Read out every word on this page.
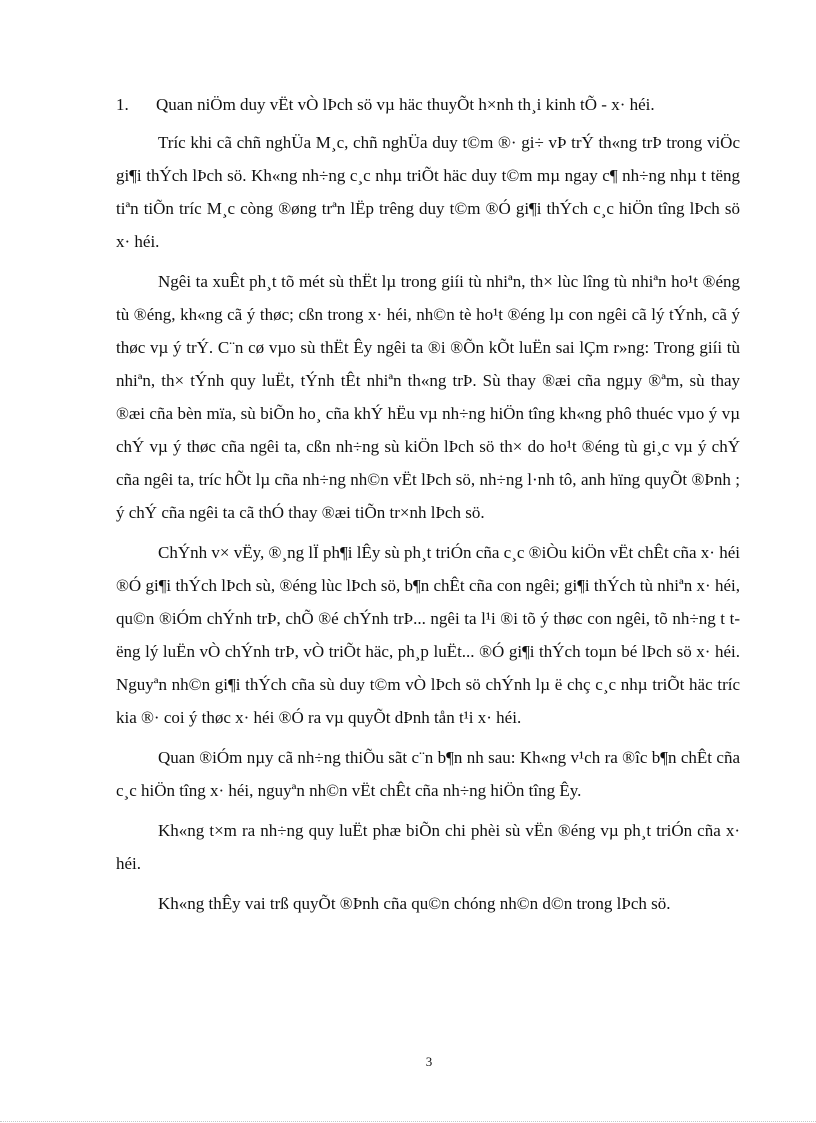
1. Quan niÖm duy vËt vÒ lÞch sö vµ häc thuyÕt h×nh th¸i kinh tÕ - x· héi.

Tríc khi cã chñ nghÜa M¸c, chñ nghÜa duy t©m ®· gi÷ vÞ trÝ th«ng trÞ trong viÖc gi¶i thÝch lÞch sö. Kh«ng nh÷ng c¸c nhµ triÕt häc duy t©m mµ ngay c¶ nh÷ng nhµ t tëng tiªn tiÕn tríc M¸c còng ®øng trªn lËp trêng duy t©m ®Ó gi¶i thÝch c¸c hiÖn tîng lÞch sö x· héi.

Ngêi ta xuÊt ph¸t tõ mét sù thËt lµ trong giíi tù nhiªn, th× lùc lîng tù nhiªn ho¹t ®éng tù ®éng, kh«ng cã ý thøc; cßn trong x· héi, nh©n tè ho¹t ®éng lµ con ngêi cã lý tÝnh, cã ý thøc vµ ý trÝ. C¨n cø vµo sù thËt Êy ngêi ta ®i ®Õn kÕt luËn sai lÇm r»ng: Trong giíi tù nhiªn, th× tÝnh quy luËt, tÝnh tÊt nhiªn th«ng trÞ. Sù thay ®æi cña ngµy ®ªm, sù thay ®æi cña bèn mïa, sù biÕn ho¸ cña khÝ hËu vµ nh÷ng hiÖn tîng kh«ng phô thuéc vµo ý vµ chÝ vµ ý thøc cña ngêi ta, cßn nh÷ng sù kiÖn lÞch sö th× do ho¹t ®éng tù gi¸c vµ ý chÝ cña ngêi ta, tríc hÕt lµ cña nh÷ng nh©n vËt lÞch sö, nh÷ng l·nh tô, anh hïng quyÕt ®Þnh ; ý chÝ cña ngêi ta cã thÓ thay ®æi tiÕn tr×nh lÞch sö.

ChÝnh v× vËy, ®¸ng lÏ ph¶i lÊy sù ph¸t triÓn cña c¸c ®iÒu kiÖn vËt chÊt cña x· héi ®Ó gi¶i thÝch lÞch sù, ®éng lùc lÞch sö, b¶n chÊt cña con ngêi; gi¶i thÝch tù nhiªn x· héi, qu©n ®iÓm chÝnh trÞ, chÕ ®é chÝnh trÞ... ngêi ta l¹i ®i tõ ý thøc con ngêi, tõ nh÷ng t tëng lý luËn vÒ chÝnh trÞ, vÒ triÕt häc, ph¸p luËt... ®Ó gi¶i thÝch toµn bé lÞch sö x· héi. Nguyªn nh©n gi¶i thÝch cña sù duy t©m vÒ lÞch sö chÝnh lµ ë chç c¸c nhµ triÕt häc tríc kia ®· coi ý thøc x· héi ®Ó ra vµ quyÕt dÞnh tån t¹i x· héi.

Quan ®iÓm nµy cã nh÷ng thiÕu sãt c¨n b¶n nh sau: Kh«ng v¹ch ra ®îc b¶n chÊt cña c¸c hiÖn tîng x· héi, nguyªn nh©n vËt chÊt cña nh÷ng hiÖn tîng Êy.

Kh«ng t×m ra nh÷ng quy luËt phæ biÕn chi phèi sù vËn ®éng vµ ph¸t triÓn cña x· héi.

Kh«ng thÊy vai trß quyÕt ®Þnh cña qu©n chóng nh©n d©n trong lÞch sö.

3
